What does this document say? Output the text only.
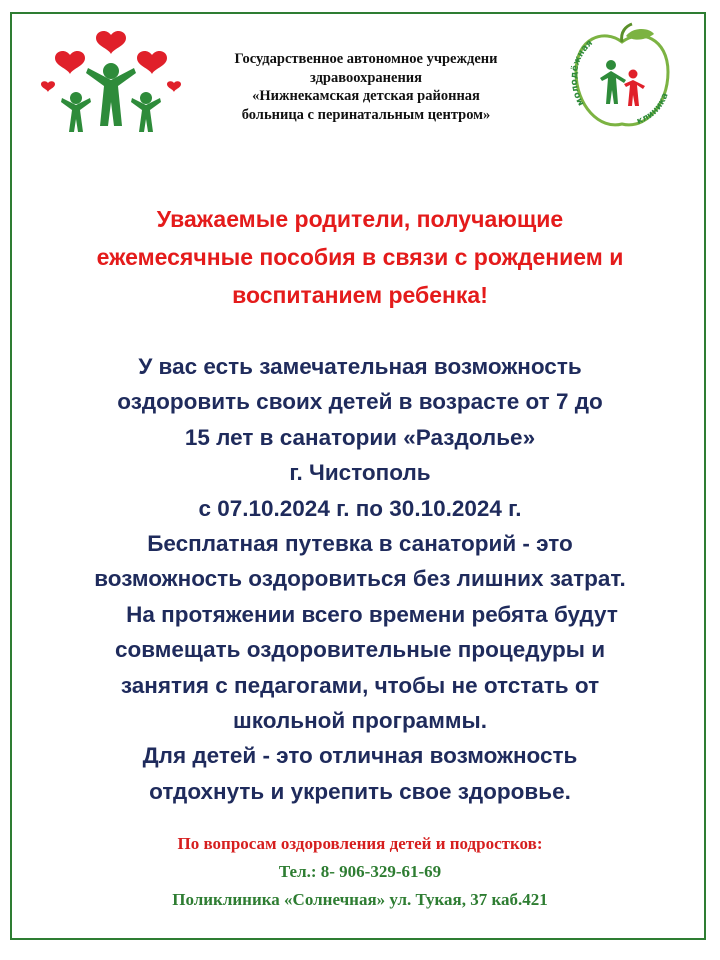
Государственное автономное учреждени
здравоохранения
«Нижнекамская детская районная
больница с перинатальным центром»
молодёжная
клиника
Уважаемые родители, получающие
ежемесячные пособия в связи с рождением и
воспитанием ребенка!
У вас есть замечательная возможность
оздоровить своих детей в возрасте от 7 до
15 лет в санатории «Раздолье»
г. Чистополь
с 07.10.2024 г. по 30.10.2024 г.
Бесплатная путевка в санаторий - это
возможность оздоровиться без лишних затрат.
На протяжении всего времени ребята будут
совмещать оздоровительные процедуры и
занятия с педагогами, чтобы не отстать от
школьной программы.
Для детей - это отличная возможность
отдохнуть и укрепить свое здоровье.
По вопросам оздоровления детей и подростков:
Тел.: 8- 906-329-61-69
Поликлиника «Солнечная» ул. Тукая, 37 каб.421
